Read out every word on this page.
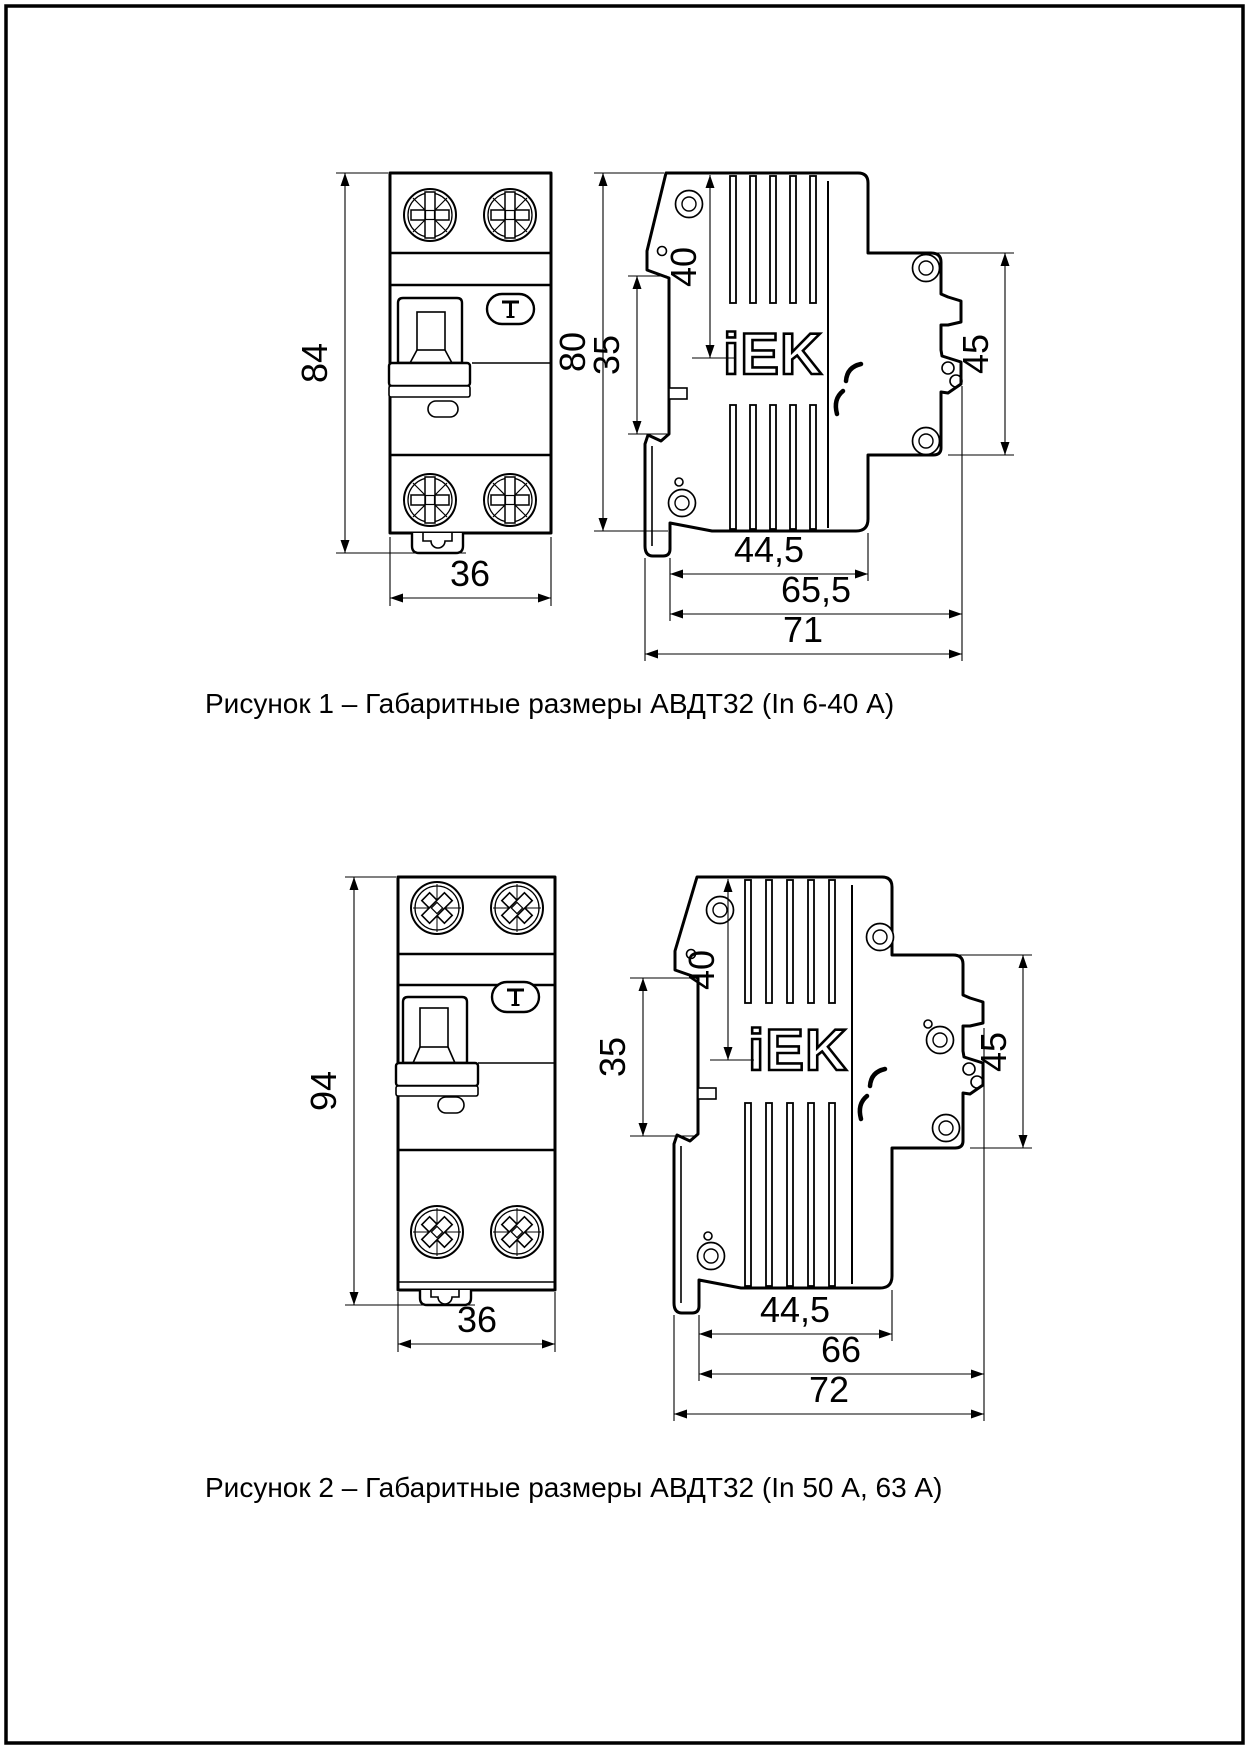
iEK
84
36
80
35
40
45
44,5
65,5
71
Рисунок 1 – Габаритные размеры АВДТ32 (In 6-40 А)
iEK
94
36
35
40
45
44,5
66
72
Рисунок 2 – Габаритные размеры АВДТ32 (In 50 А, 63 А)
